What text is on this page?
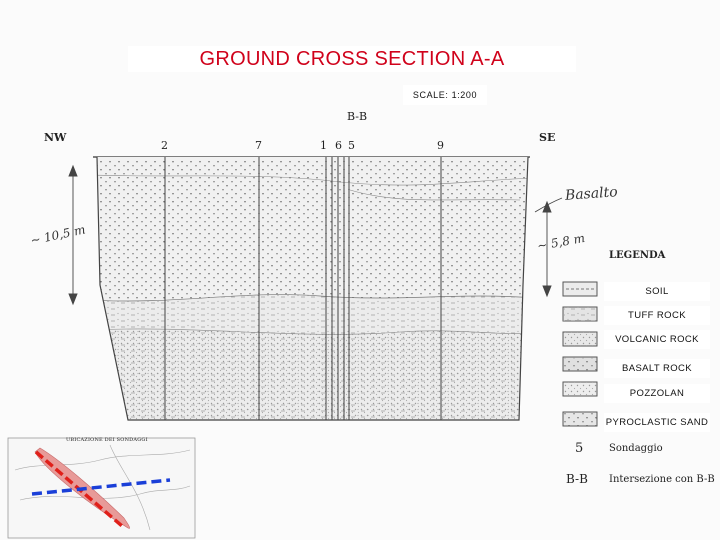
GROUND CROSS SECTION A-A
SCALE: 1:200
B-B
NW	SE
2	7	1 6 5	9
~ 10,5 m	~ 5,8 m
Basalto
LEGENDA
SOIL
TUFF ROCK
VOLCANIC ROCK
BASALT ROCK
POZZOLAN
PYROCLASTIC SAND
5	Sondaggio
B-B Intersezione con B-B
UBICAZIONE DEI SONDAGGI
